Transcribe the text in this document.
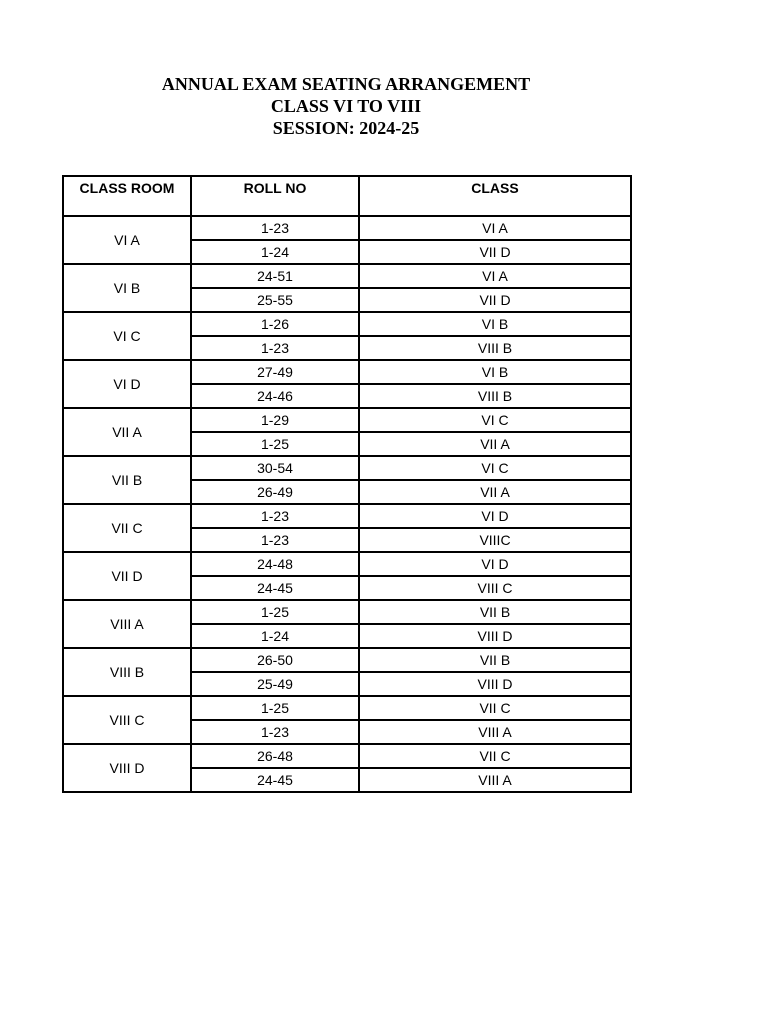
ANNUAL EXAM SEATING ARRANGEMENT
CLASS VI TO VIII
SESSION: 2024-25
CLASS ROOM	ROLL NO	CLASS
VI A	1-23	VI A
	1-24	VII D
VI B	24-51	VI A
	25-55	VII D
VI C	1-26	VI B
	1-23	VIII B
VI D	27-49	VI B
	24-46	VIII B
VII A	1-29	VI C
	1-25	VII A
VII B	30-54	VI C
	26-49	VII A
VII C	1-23	VI D
	1-23	VIIIC
VII D	24-48	VI D
	24-45	VIII C
VIII A	1-25	VII B
	1-24	VIII D
VIII B	26-50	VII B
	25-49	VIII D
VIII C	1-25	VII C
	1-23	VIII A
VIII D	26-48	VII C
	24-45	VIII A
